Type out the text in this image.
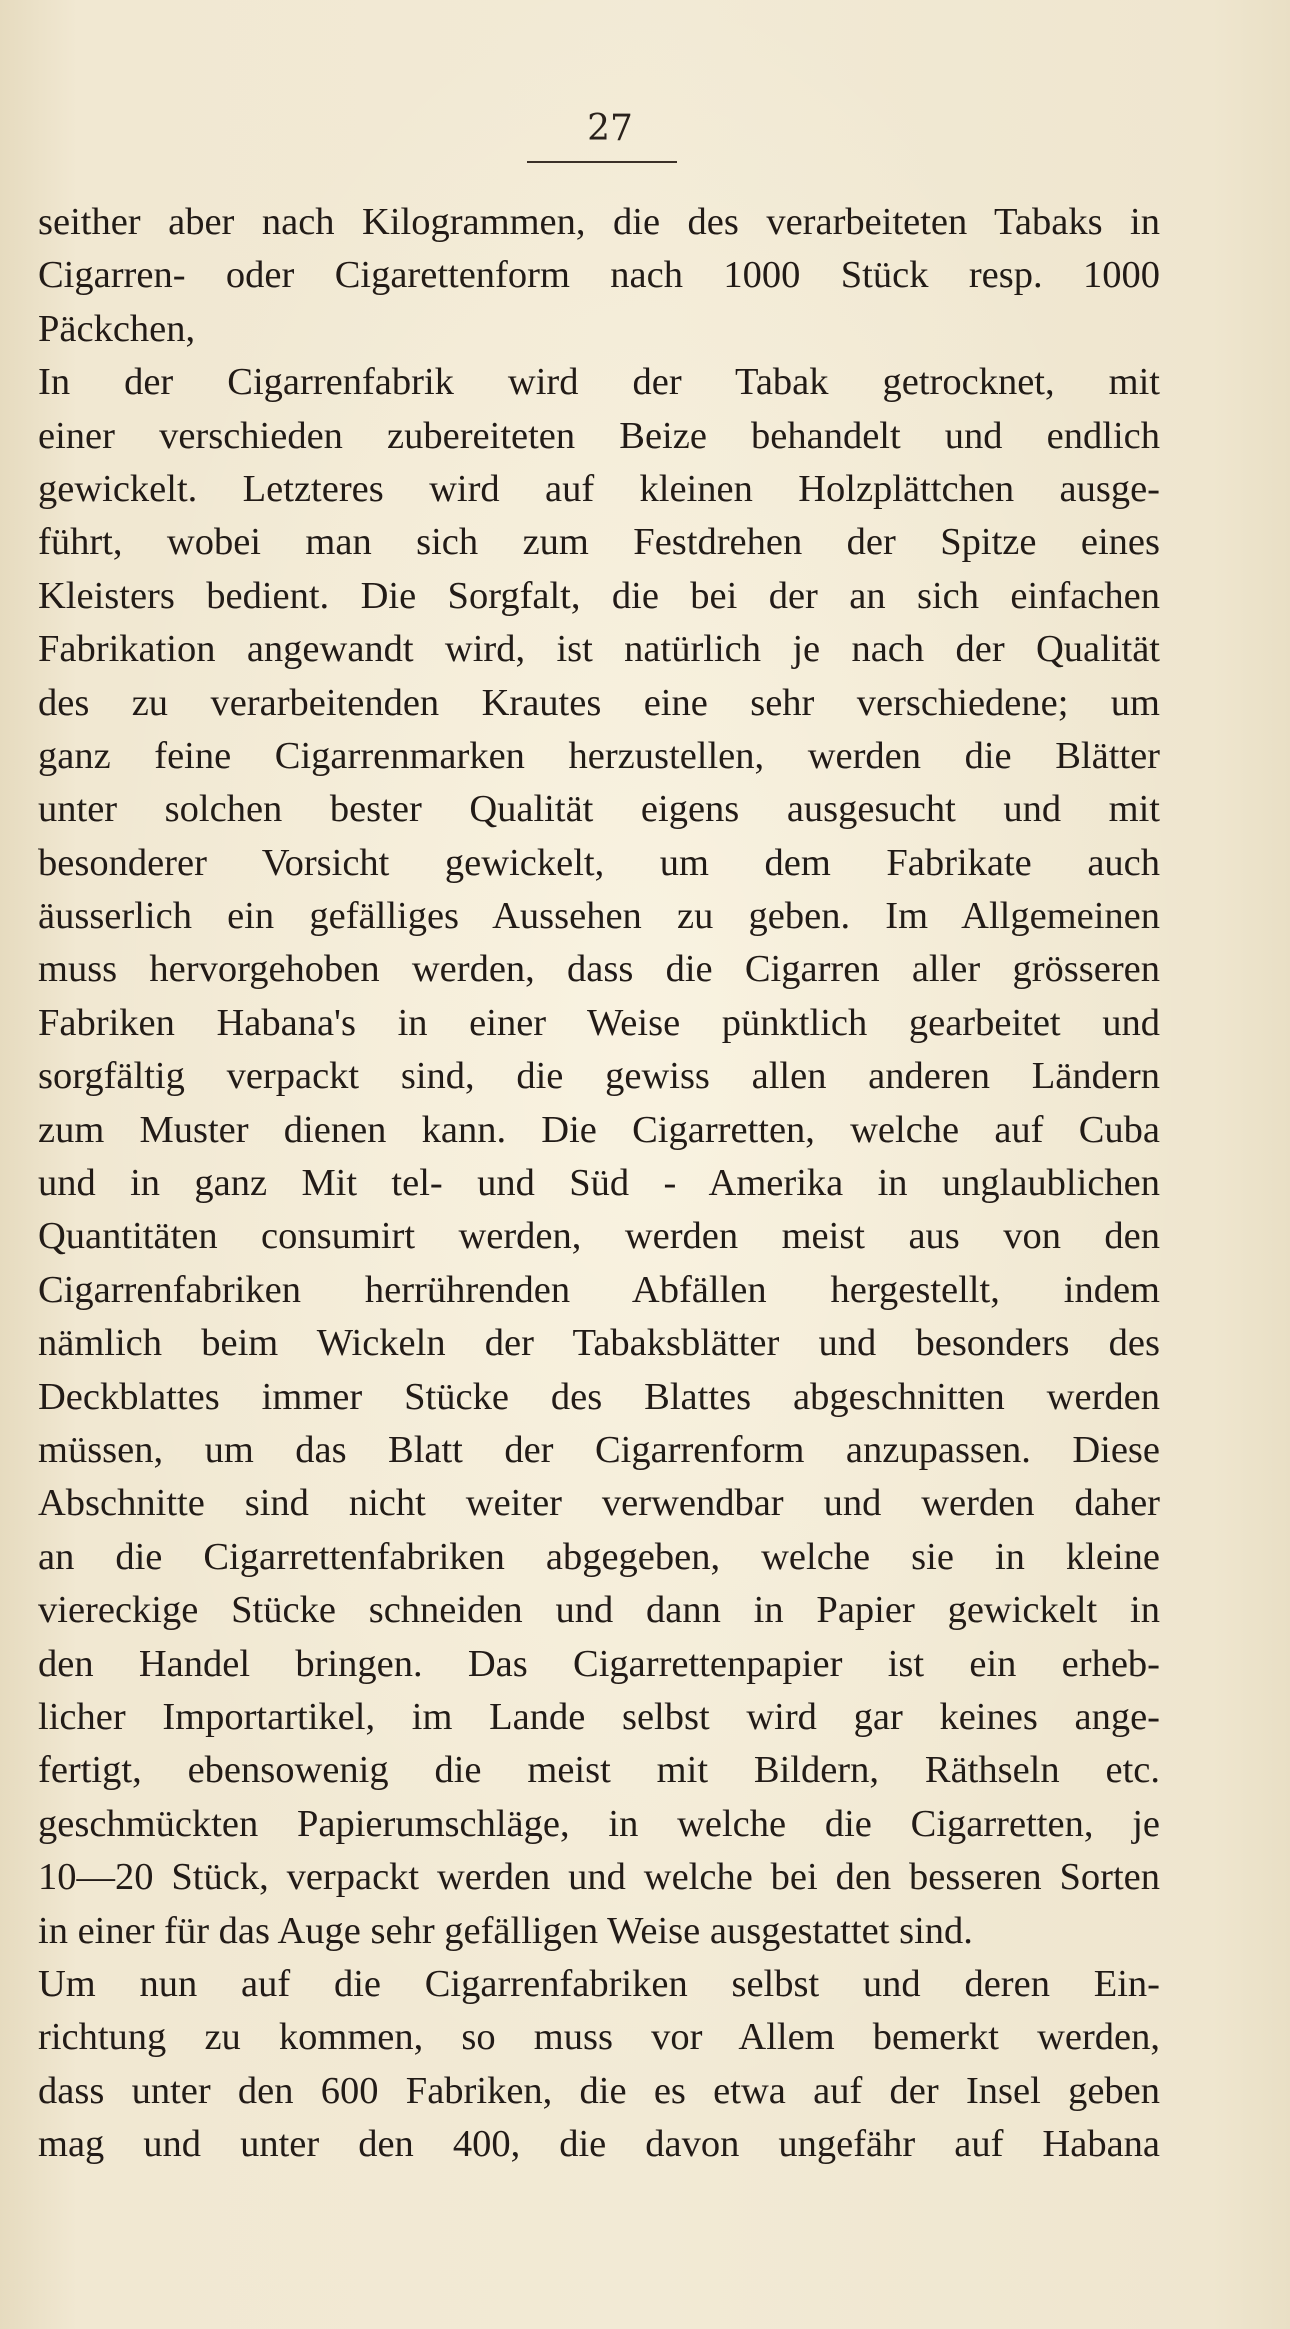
27
seither aber nach Kilogrammen, die des verarbeiteten Tabaks in
Cigarren- oder Cigarettenform nach 1000 Stück resp. 1000
Päckchen,
In der Cigarrenfabrik wird der Tabak getrocknet, mit
einer verschieden zubereiteten Beize behandelt und endlich
gewickelt. Letzteres wird auf kleinen Holzplättchen ausge-
führt, wobei man sich zum Festdrehen der Spitze eines
Kleisters bedient. Die Sorgfalt, die bei der an sich einfachen
Fabrikation angewandt wird, ist natürlich je nach der Qualität
des zu verarbeitenden Krautes eine sehr verschiedene; um
ganz feine Cigarrenmarken herzustellen, werden die Blätter
unter solchen bester Qualität eigens ausgesucht und mit
besonderer Vorsicht gewickelt, um dem Fabrikate auch
äusserlich ein gefälliges Aussehen zu geben. Im Allgemeinen
muss hervorgehoben werden, dass die Cigarren aller grösseren
Fabriken Habana's in einer Weise pünktlich gearbeitet und
sorgfältig verpackt sind, die gewiss allen anderen Ländern
zum Muster dienen kann. Die Cigarretten, welche auf Cuba
und in ganz Mit tel- und Süd - Amerika in unglaublichen
Quantitäten consumirt werden, werden meist aus von den
Cigarrenfabriken herrührenden Abfällen hergestellt, indem
nämlich beim Wickeln der Tabaksblätter und besonders des
Deckblattes immer Stücke des Blattes abgeschnitten werden
müssen, um das Blatt der Cigarrenform anzupassen. Diese
Abschnitte sind nicht weiter verwendbar und werden daher
an die Cigarrettenfabriken abgegeben, welche sie in kleine
viereckige Stücke schneiden und dann in Papier gewickelt in
den Handel bringen. Das Cigarrettenpapier ist ein erheb-
licher Importartikel, im Lande selbst wird gar keines ange-
fertigt, ebensowenig die meist mit Bildern, Räthseln etc.
geschmückten Papierumschläge, in welche die Cigarretten, je
10—20 Stück, verpackt werden und welche bei den besseren Sorten
in einer für das Auge sehr gefälligen Weise ausgestattet sind.
Um nun auf die Cigarrenfabriken selbst und deren Ein-
richtung zu kommen, so muss vor Allem bemerkt werden,
dass unter den 600 Fabriken, die es etwa auf der Insel geben
mag und unter den 400, die davon ungefähr auf Habana
